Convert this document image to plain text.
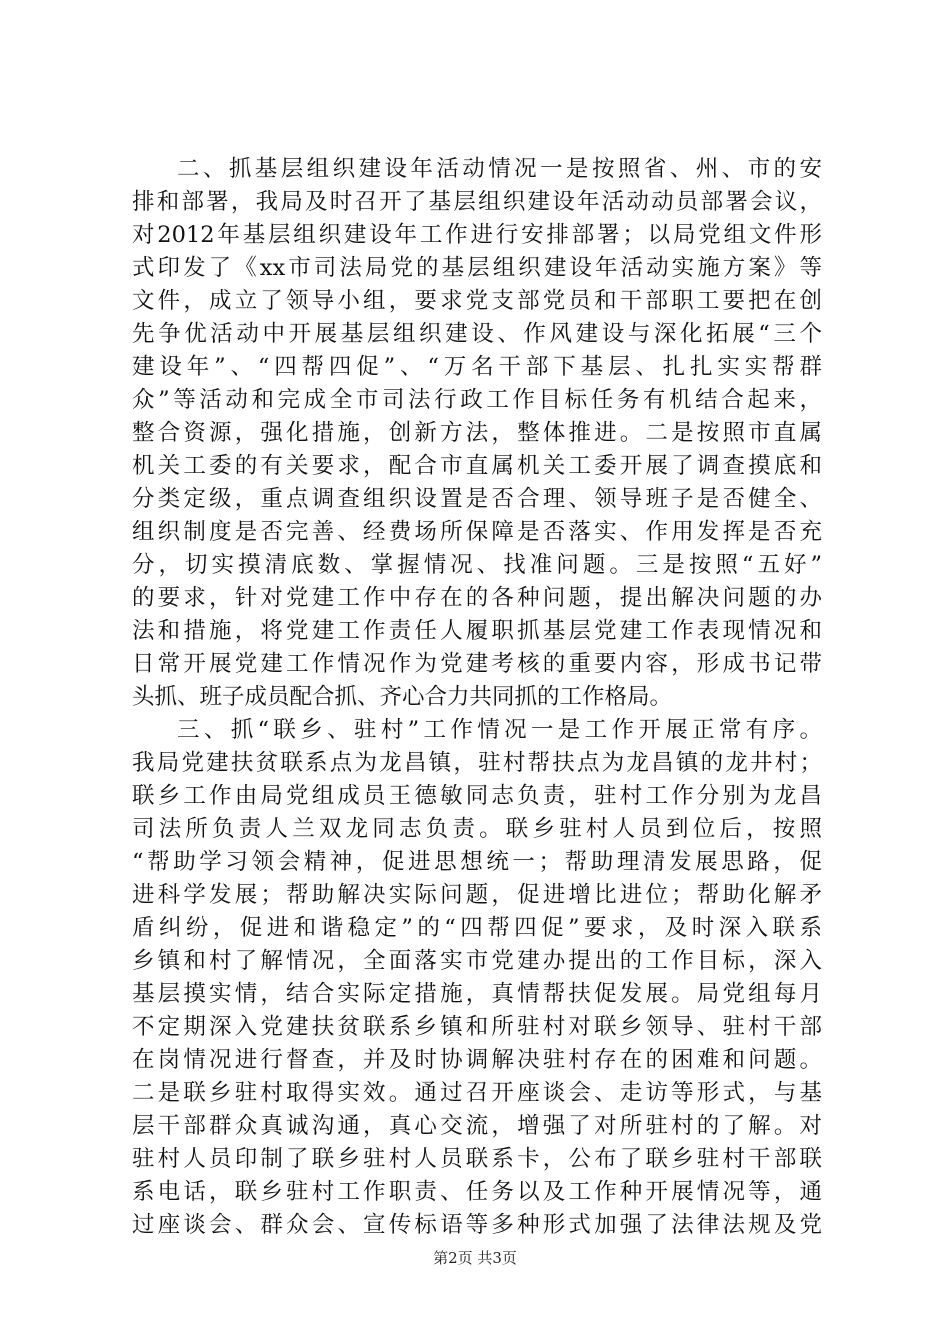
二、抓基层组织建设年活动情况一是按照省、州、市的安
排和部署，我局及时召开了基层组织建设年活动动员部署会议，
对2012年基层组织建设年工作进行安排部署；以局党组文件形
式印发了《xx市司法局党的基层组织建设年活动实施方案》等
文件，成立了领导小组，要求党支部党员和干部职工要把在创
先争优活动中开展基层组织建设、作风建设与深化拓展“三个
建设年”、“四帮四促”、“万名干部下基层、扎扎实实帮群
众”等活动和完成全市司法行政工作目标任务有机结合起来，
整合资源，强化措施，创新方法，整体推进。二是按照市直属
机关工委的有关要求，配合市直属机关工委开展了调查摸底和
分类定级，重点调查组织设置是否合理、领导班子是否健全、
组织制度是否完善、经费场所保障是否落实、作用发挥是否充
分，切实摸清底数、掌握情况、找准问题。三是按照“五好”
的要求，针对党建工作中存在的各种问题，提出解决问题的办
法和措施，将党建工作责任人履职抓基层党建工作表现情况和
日常开展党建工作情况作为党建考核的重要内容，形成书记带
头抓、班子成员配合抓、齐心合力共同抓的工作格局。
三、抓“联乡、驻村”工作情况一是工作开展正常有序。
我局党建扶贫联系点为龙昌镇，驻村帮扶点为龙昌镇的龙井村；
联乡工作由局党组成员王德敏同志负责，驻村工作分别为龙昌
司法所负责人兰双龙同志负责。联乡驻村人员到位后，按照
“帮助学习领会精神，促进思想统一；帮助理清发展思路，促
进科学发展；帮助解决实际问题，促进增比进位；帮助化解矛
盾纠纷，促进和谐稳定”的“四帮四促”要求，及时深入联系
乡镇和村了解情况，全面落实市党建办提出的工作目标，深入
基层摸实情，结合实际定措施，真情帮扶促发展。局党组每月
不定期深入党建扶贫联系乡镇和所驻村对联乡领导、驻村干部
在岗情况进行督查，并及时协调解决驻村存在的困难和问题。
二是联乡驻村取得实效。通过召开座谈会、走访等形式，与基
层干部群众真诚沟通，真心交流，增强了对所驻村的了解。对
驻村人员印制了联乡驻村人员联系卡，公布了联乡驻村干部联
系电话，联乡驻村工作职责、任务以及工作种开展情况等，通
过座谈会、群众会、宣传标语等多种形式加强了法律法规及党
第2页 共3页
